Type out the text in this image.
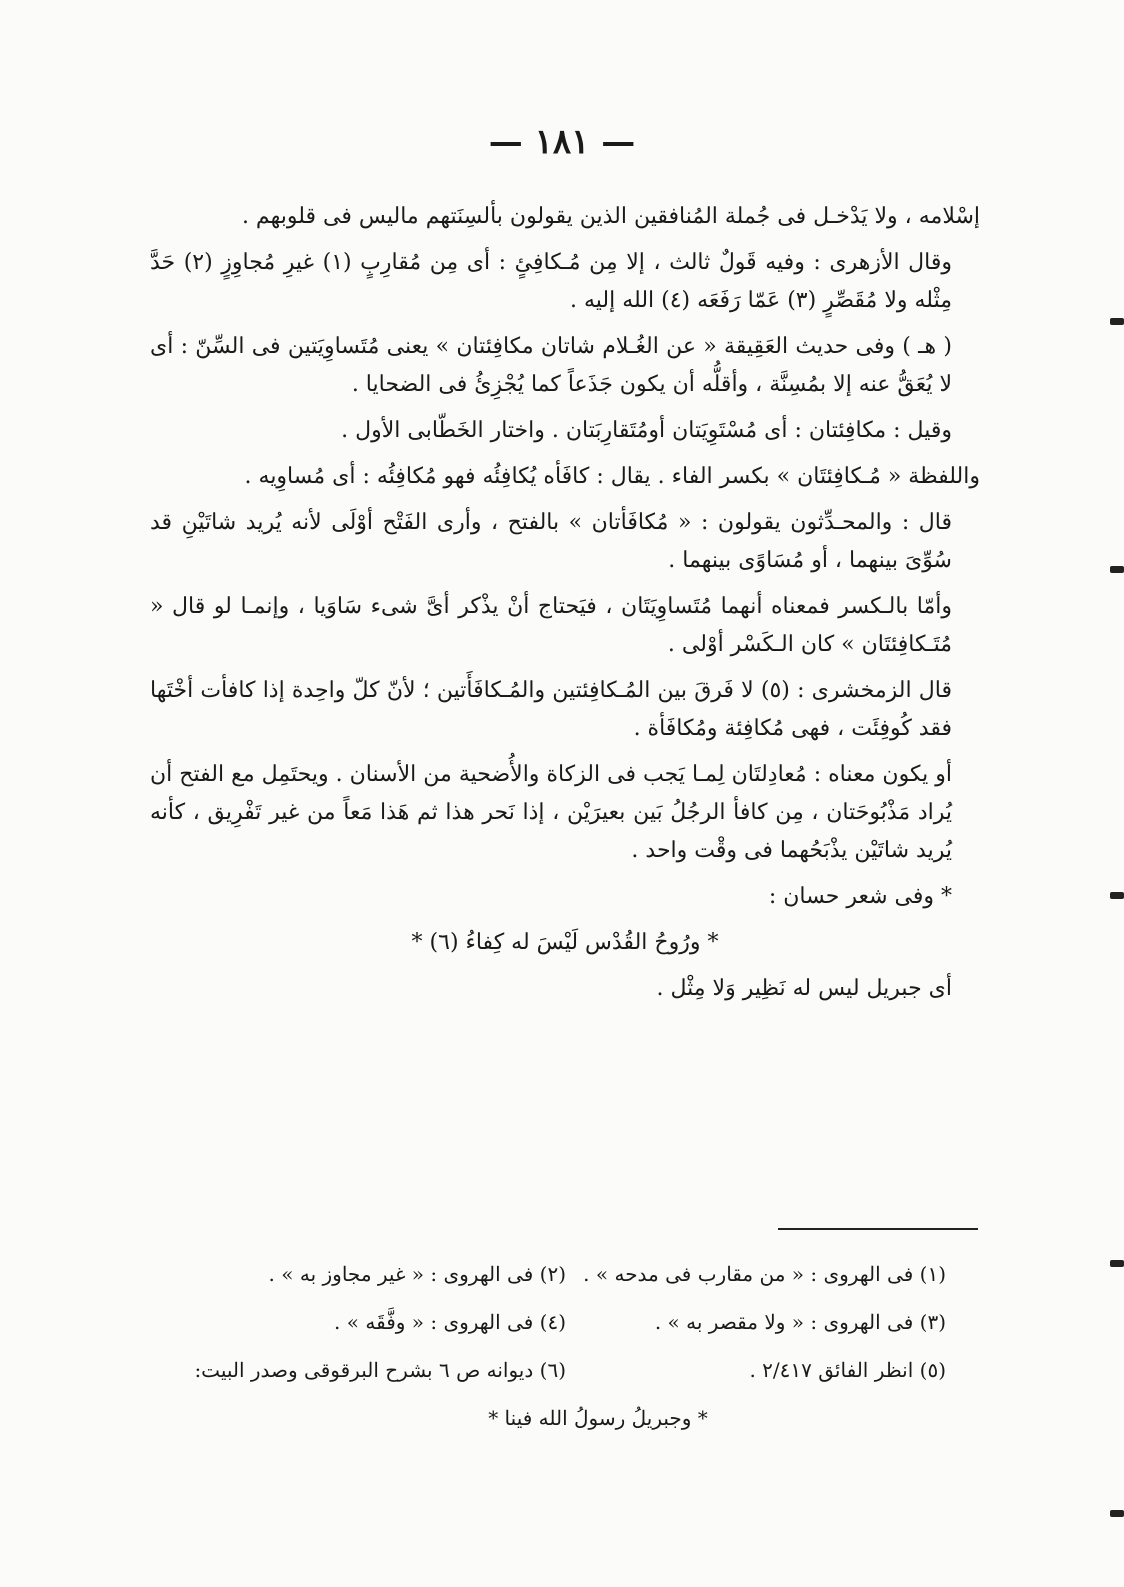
— ١٨١ —

إسْلامه ، ولا يَدْخـل فى جُملة المُنافقين الذين يقولون بألسِنَتهم ماليس فى قلوبهم .

وقال الأزهرى : وفيه قَولٌ ثالث ، إلا مِن مُـكافِئٍ : أى مِن مُقارِبٍ (١) غيرِ مُجاوِزٍ (٢) حَدَّ مِثْله ولا مُقَصِّرٍ (٣) عَمّا رَفَعَه (٤) الله إليه .

( هـ ) وفى حديث العَقِيقة « عن الغُـلام شاتان مكافِئتان » يعنى مُتَساوِيَتين فى السِّنّ : أى لا يُعَقُّ عنه إلا بمُسِنَّة ، وأقلُّه أن يكون جَذَعاً كما يُجْزِئُ فى الضحايا .

وقيل : مكافِئتان : أى مُسْتَوِيَتان أومُتَقارِبَتان . واختار الخَطّابى الأول .

واللفظة « مُـكافِئتَان » بكسر الفاء . يقال : كافَأه يُكافِئُه فهو مُكافِئُه : أى مُساوِيه .

قال : والمحـدِّثون يقولون : « مُكافَأتان » بالفتح ، وأرى الفَتْح أوْلَى لأنه يُريد شاتَيْنِ قد سُوِّىَ بينهما ، أو مُسَاوًى بينهما .

وأمّا بالـكسر فمعناه أنهما مُتَساوِيَتَان ، فيَحتاج أنْ يذْكر أىَّ شىء سَاوَيا ، وإنمـا لو قال « مُتَـكافِئتَان » كان الـكَسْر أوْلى .

قال الزمخشرى : (٥) لا فَرقَ بين المُـكافِئتين والمُـكافَأَتين ؛ لأنّ كلّ واحِدة إذا كافأت أخْتَها فقد كُوفِئَت ، فهى مُكافِئة ومُكافَأة .

أو يكون معناه : مُعادِلتَان لِمـا يَجب فى الزكاة والأُضحية من الأسنان . ويحتَمِل مع الفتح أن يُراد مَذْبُوحَتان ، مِن كافأ الرجُلُ بَين بعيرَيْن ، إذا نَحر هذا ثم هَذا مَعاً من غير تَفْرِيق ، كأنه يُريد شاتَيْن يذْبَحُهما فى وقْت واحد .

* وفى شعر حسان :

* ورُوحُ القُدْس لَيْسَ له كِفاءُ (٦) *

أى جبريل ليس له نَظِير وَلا مِثْل .

(١) فى الهروى : « من مقارب فى مدحه » .
(٢) فى الهروى : « غير مجاوز به » .
(٣) فى الهروى : « ولا مقصر به » .
(٤) فى الهروى : « وفَّقَه » .
(٥) انظر الفائق ٢/٤١٧ .
(٦) ديوانه ص ٦ بشرح البرقوقى وصدر البيت:
* وجبريلُ رسولُ الله فينا *
